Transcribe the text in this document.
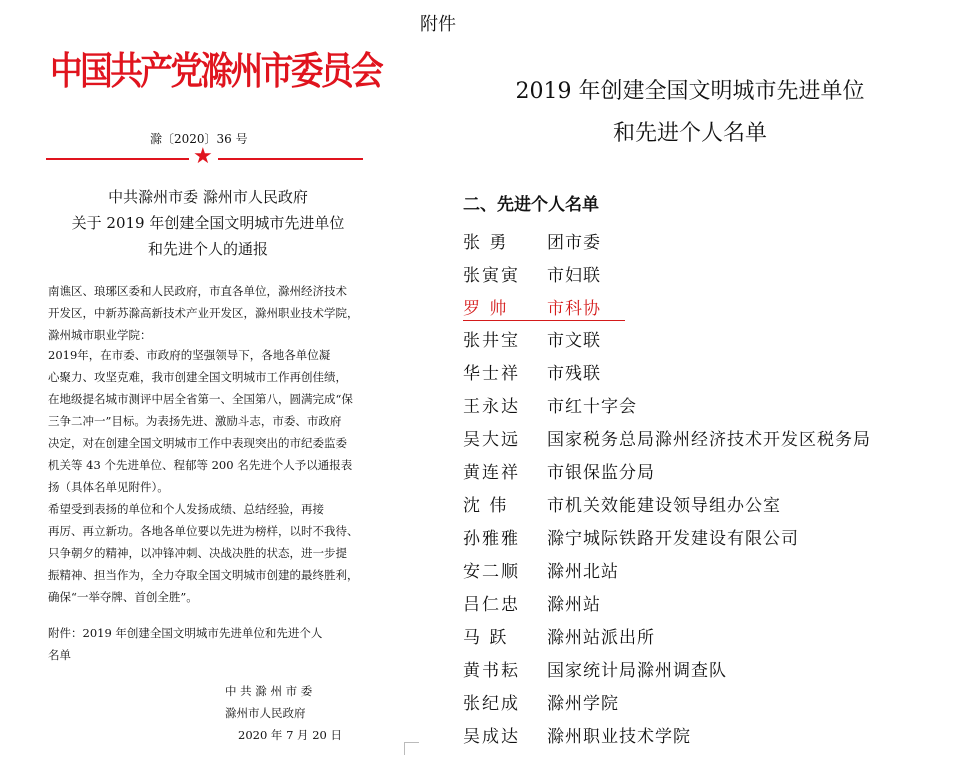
附件
中国共产党滁州市委员会
滁〔2020〕36 号
★
中共滁州市委 滁州市人民政府
关于 2019 年创建全国文明城市先进单位
和先进个人的通报
南谯区、琅琊区委和人民政府，市直各单位，滁州经济技术
开发区，中新苏滁高新技术产业开发区，滁州职业技术学院，
滁州城市职业学院：
2019年，在市委、市政府的坚强领导下，各地各单位凝
心聚力、攻坚克难，我市创建全国文明城市工作再创佳绩，
在地级提名城市测评中居全省第一、全国第八，圆满完成“保
三争二冲一”目标。为表扬先进、激励斗志，市委、市政府
决定，对在创建全国文明城市工作中表现突出的市纪委监委
机关等 43 个先进单位、程郁等 200 名先进个人予以通报表
扬（具体名单见附件）。
希望受到表扬的单位和个人发扬成绩、总结经验，再接
再厉、再立新功。各地各单位要以先进为榜样，以时不我待、
只争朝夕的精神，以冲锋冲刺、决战决胜的状态，进一步提
振精神、担当作为，全力夺取全国文明城市创建的最终胜利，
确保“一举夺牌、首创全胜”。
附件：2019 年创建全国文明城市先进单位和先进个人
名单
中 共 滁 州 市 委
滁州市人民政府
2020 年 7 月 20 日
2019 年创建全国文明城市先进单位
和先进个人名单
二、先进个人名单
张 勇 团市委
张寅寅 市妇联
罗 帅 市科协
张井宝 市文联
华士祥 市残联
王永达 市红十字会
吴大远 国家税务总局滁州经济技术开发区税务局
黄连祥 市银保监分局
沈 伟 市机关效能建设领导组办公室
孙雅雅 滁宁城际铁路开发建设有限公司
安二顺 滁州北站
吕仁忠 滁州站
马 跃 滁州站派出所
黄书耘 国家统计局滁州调查队
张纪成 滁州学院
吴成达 滁州职业技术学院
